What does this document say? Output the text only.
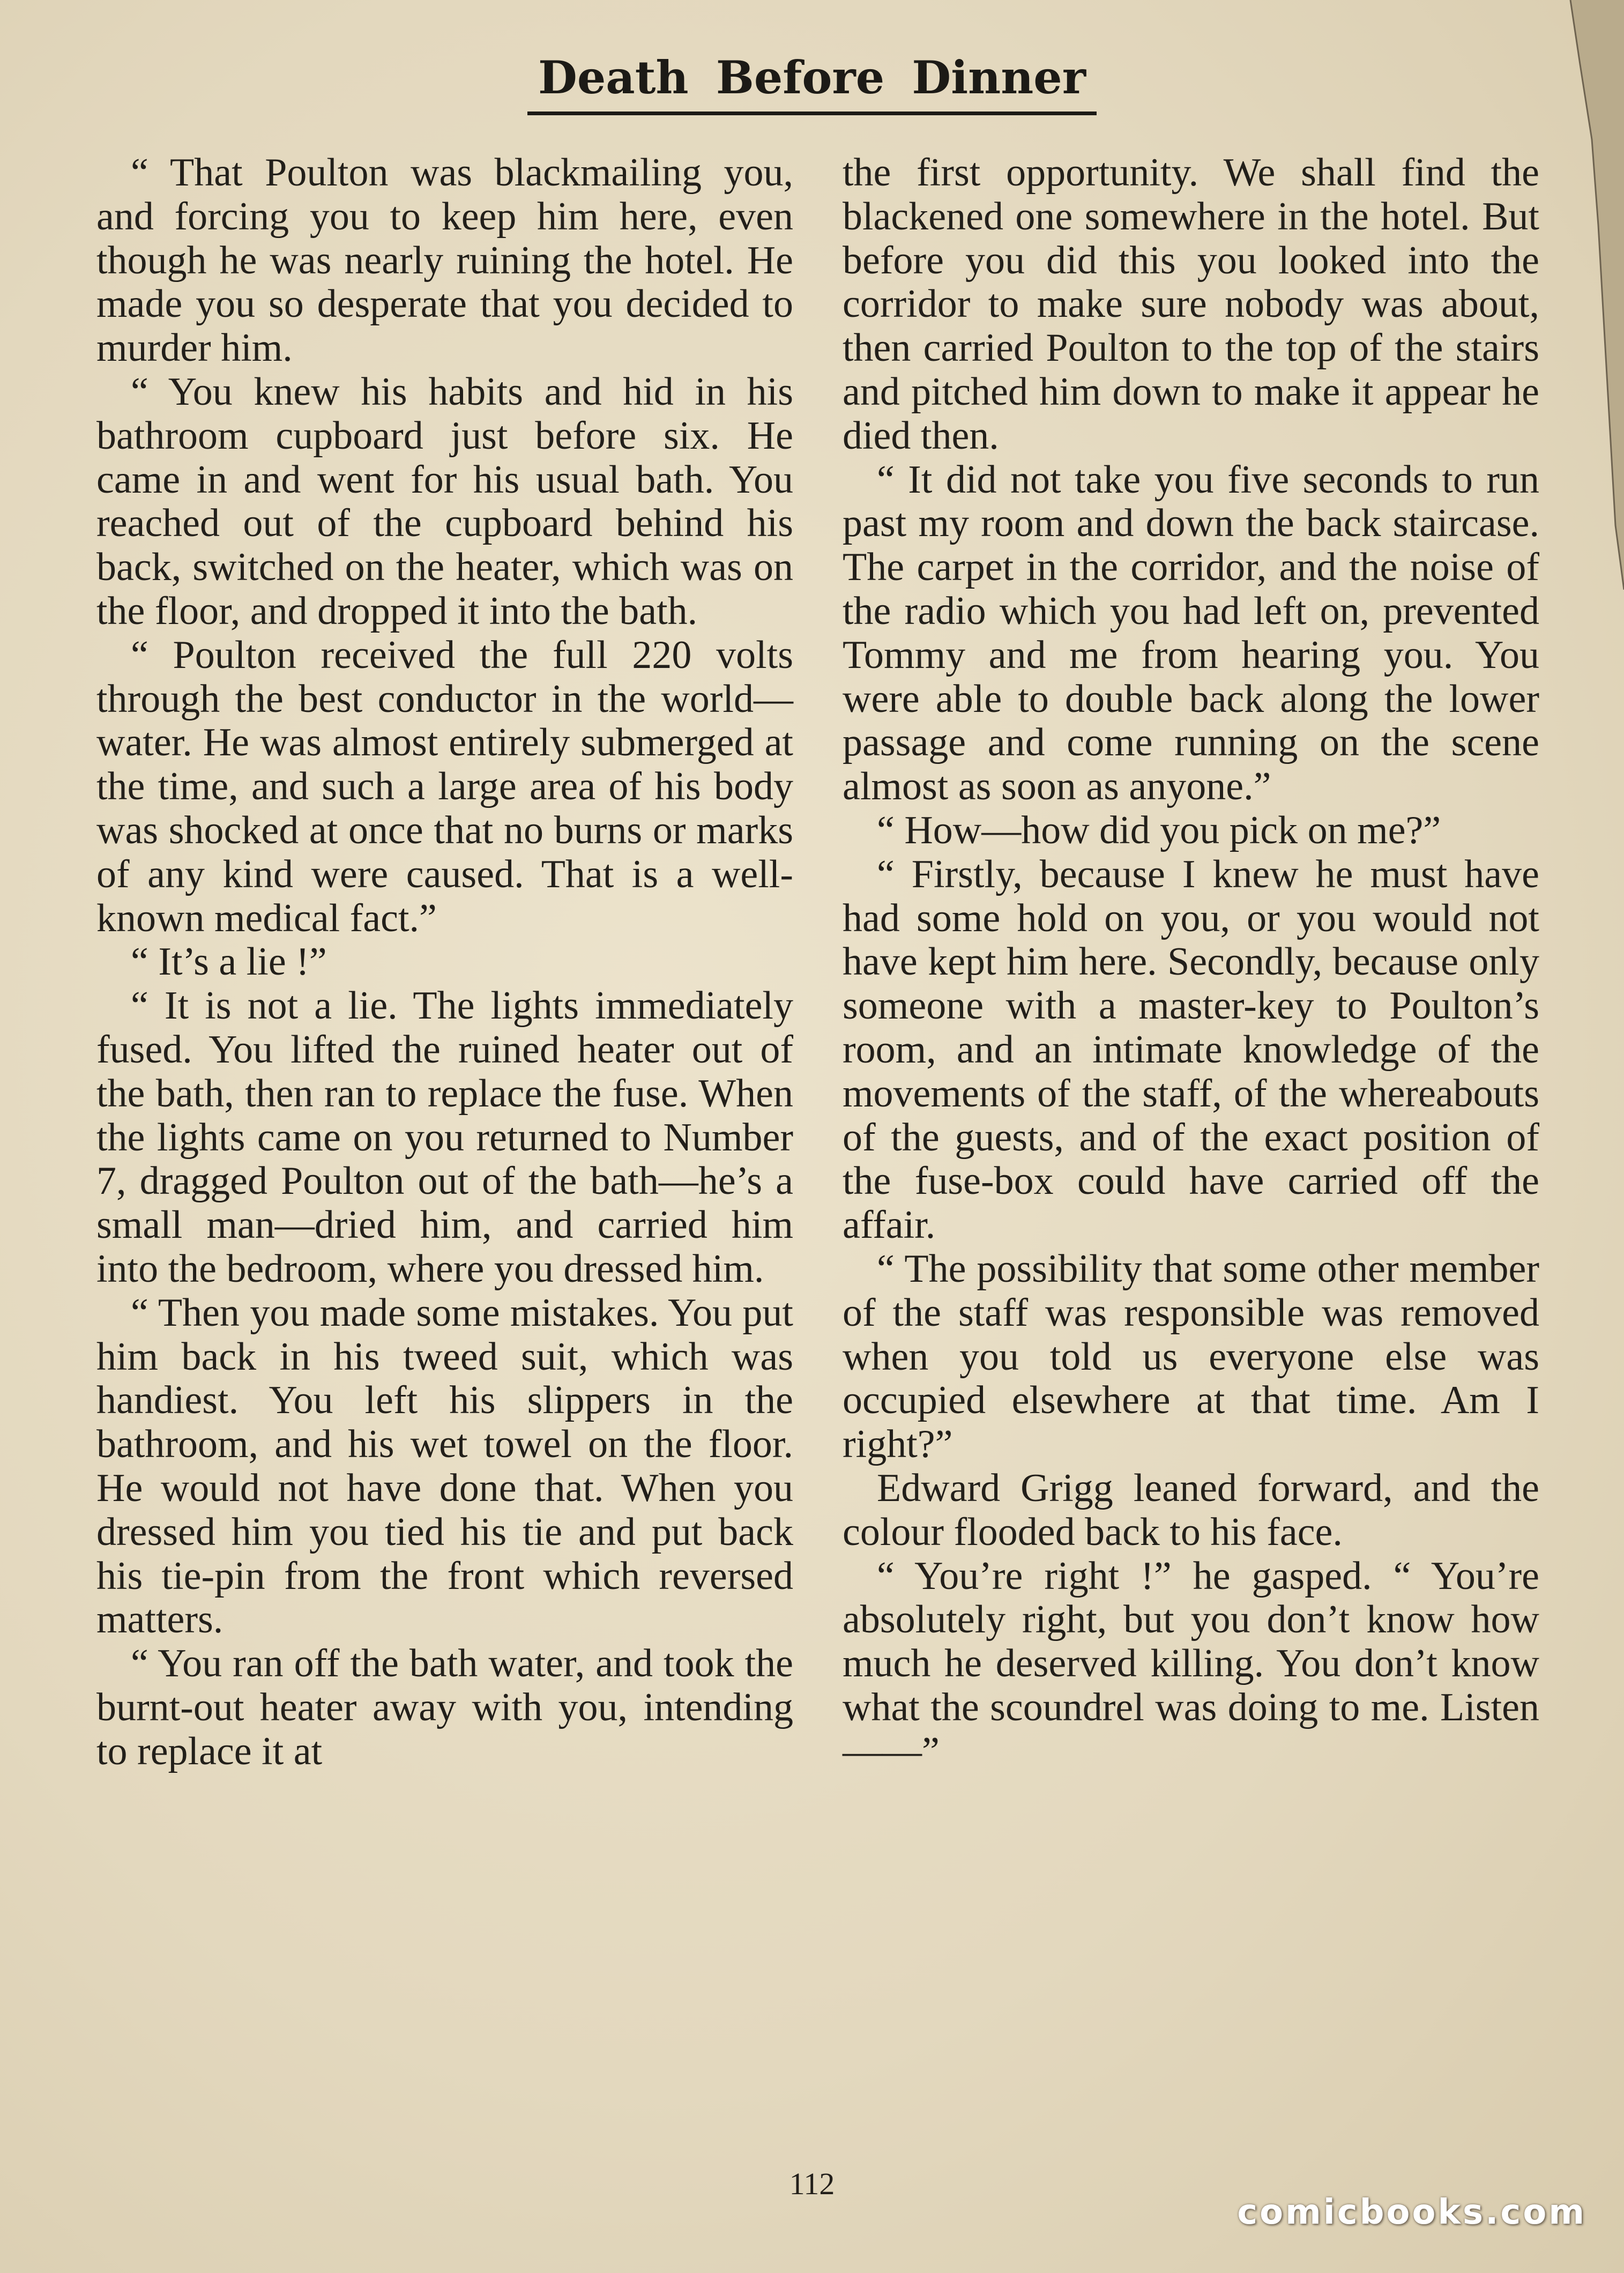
Death Before Dinner

“ That Poulton was blackmailing you, and forcing you to keep him here, even though he was nearly ruining the hotel. He made you so desperate that you decided to murder him.

“ You knew his habits and hid in his bathroom cupboard just before six. He came in and went for his usual bath. You reached out of the cupboard behind his back, switched on the heater, which was on the floor, and dropped it into the bath.

“ Poulton received the full 220 volts through the best conductor in the world—water. He was almost entirely submerged at the time, and such a large area of his body was shocked at once that no burns or marks of any kind were caused. That is a well-known medical fact.”

“ It’s a lie !”

“ It is not a lie. The lights immediately fused. You lifted the ruined heater out of the bath, then ran to replace the fuse. When the lights came on you returned to Number 7, dragged Poulton out of the bath—he’s a small man—dried him, and carried him into the bedroom, where you dressed him.

“ Then you made some mistakes. You put him back in his tweed suit, which was handiest. You left his slippers in the bathroom, and his wet towel on the floor. He would not have done that. When you dressed him you tied his tie and put back his tie-pin from the front which reversed matters.

“ You ran off the bath water, and took the burnt-out heater away with you, intending to replace it at

the first opportunity. We shall find the blackened one somewhere in the hotel. But before you did this you looked into the corridor to make sure nobody was about, then carried Poulton to the top of the stairs and pitched him down to make it appear he died then.

“ It did not take you five seconds to run past my room and down the back staircase. The carpet in the corridor, and the noise of the radio which you had left on, prevented Tommy and me from hearing you. You were able to double back along the lower passage and come running on the scene almost as soon as anyone.”

“ How—how did you pick on me?”

“ Firstly, because I knew he must have had some hold on you, or you would not have kept him here. Secondly, because only someone with a master-key to Poulton’s room, and an intimate knowledge of the movements of the staff, of the whereabouts of the guests, and of the exact position of the fuse-box could have carried off the affair.

“ The possibility that some other member of the staff was responsible was removed when you told us everyone else was occupied elsewhere at that time. Am I right?”

Edward Grigg leaned forward, and the colour flooded back to his face.

“ You’re right !” he gasped. “ You’re absolutely right, but you don’t know how much he deserved killing. You don’t know what the scoundrel was doing to me. Listen——”

112
comicbooks.com
